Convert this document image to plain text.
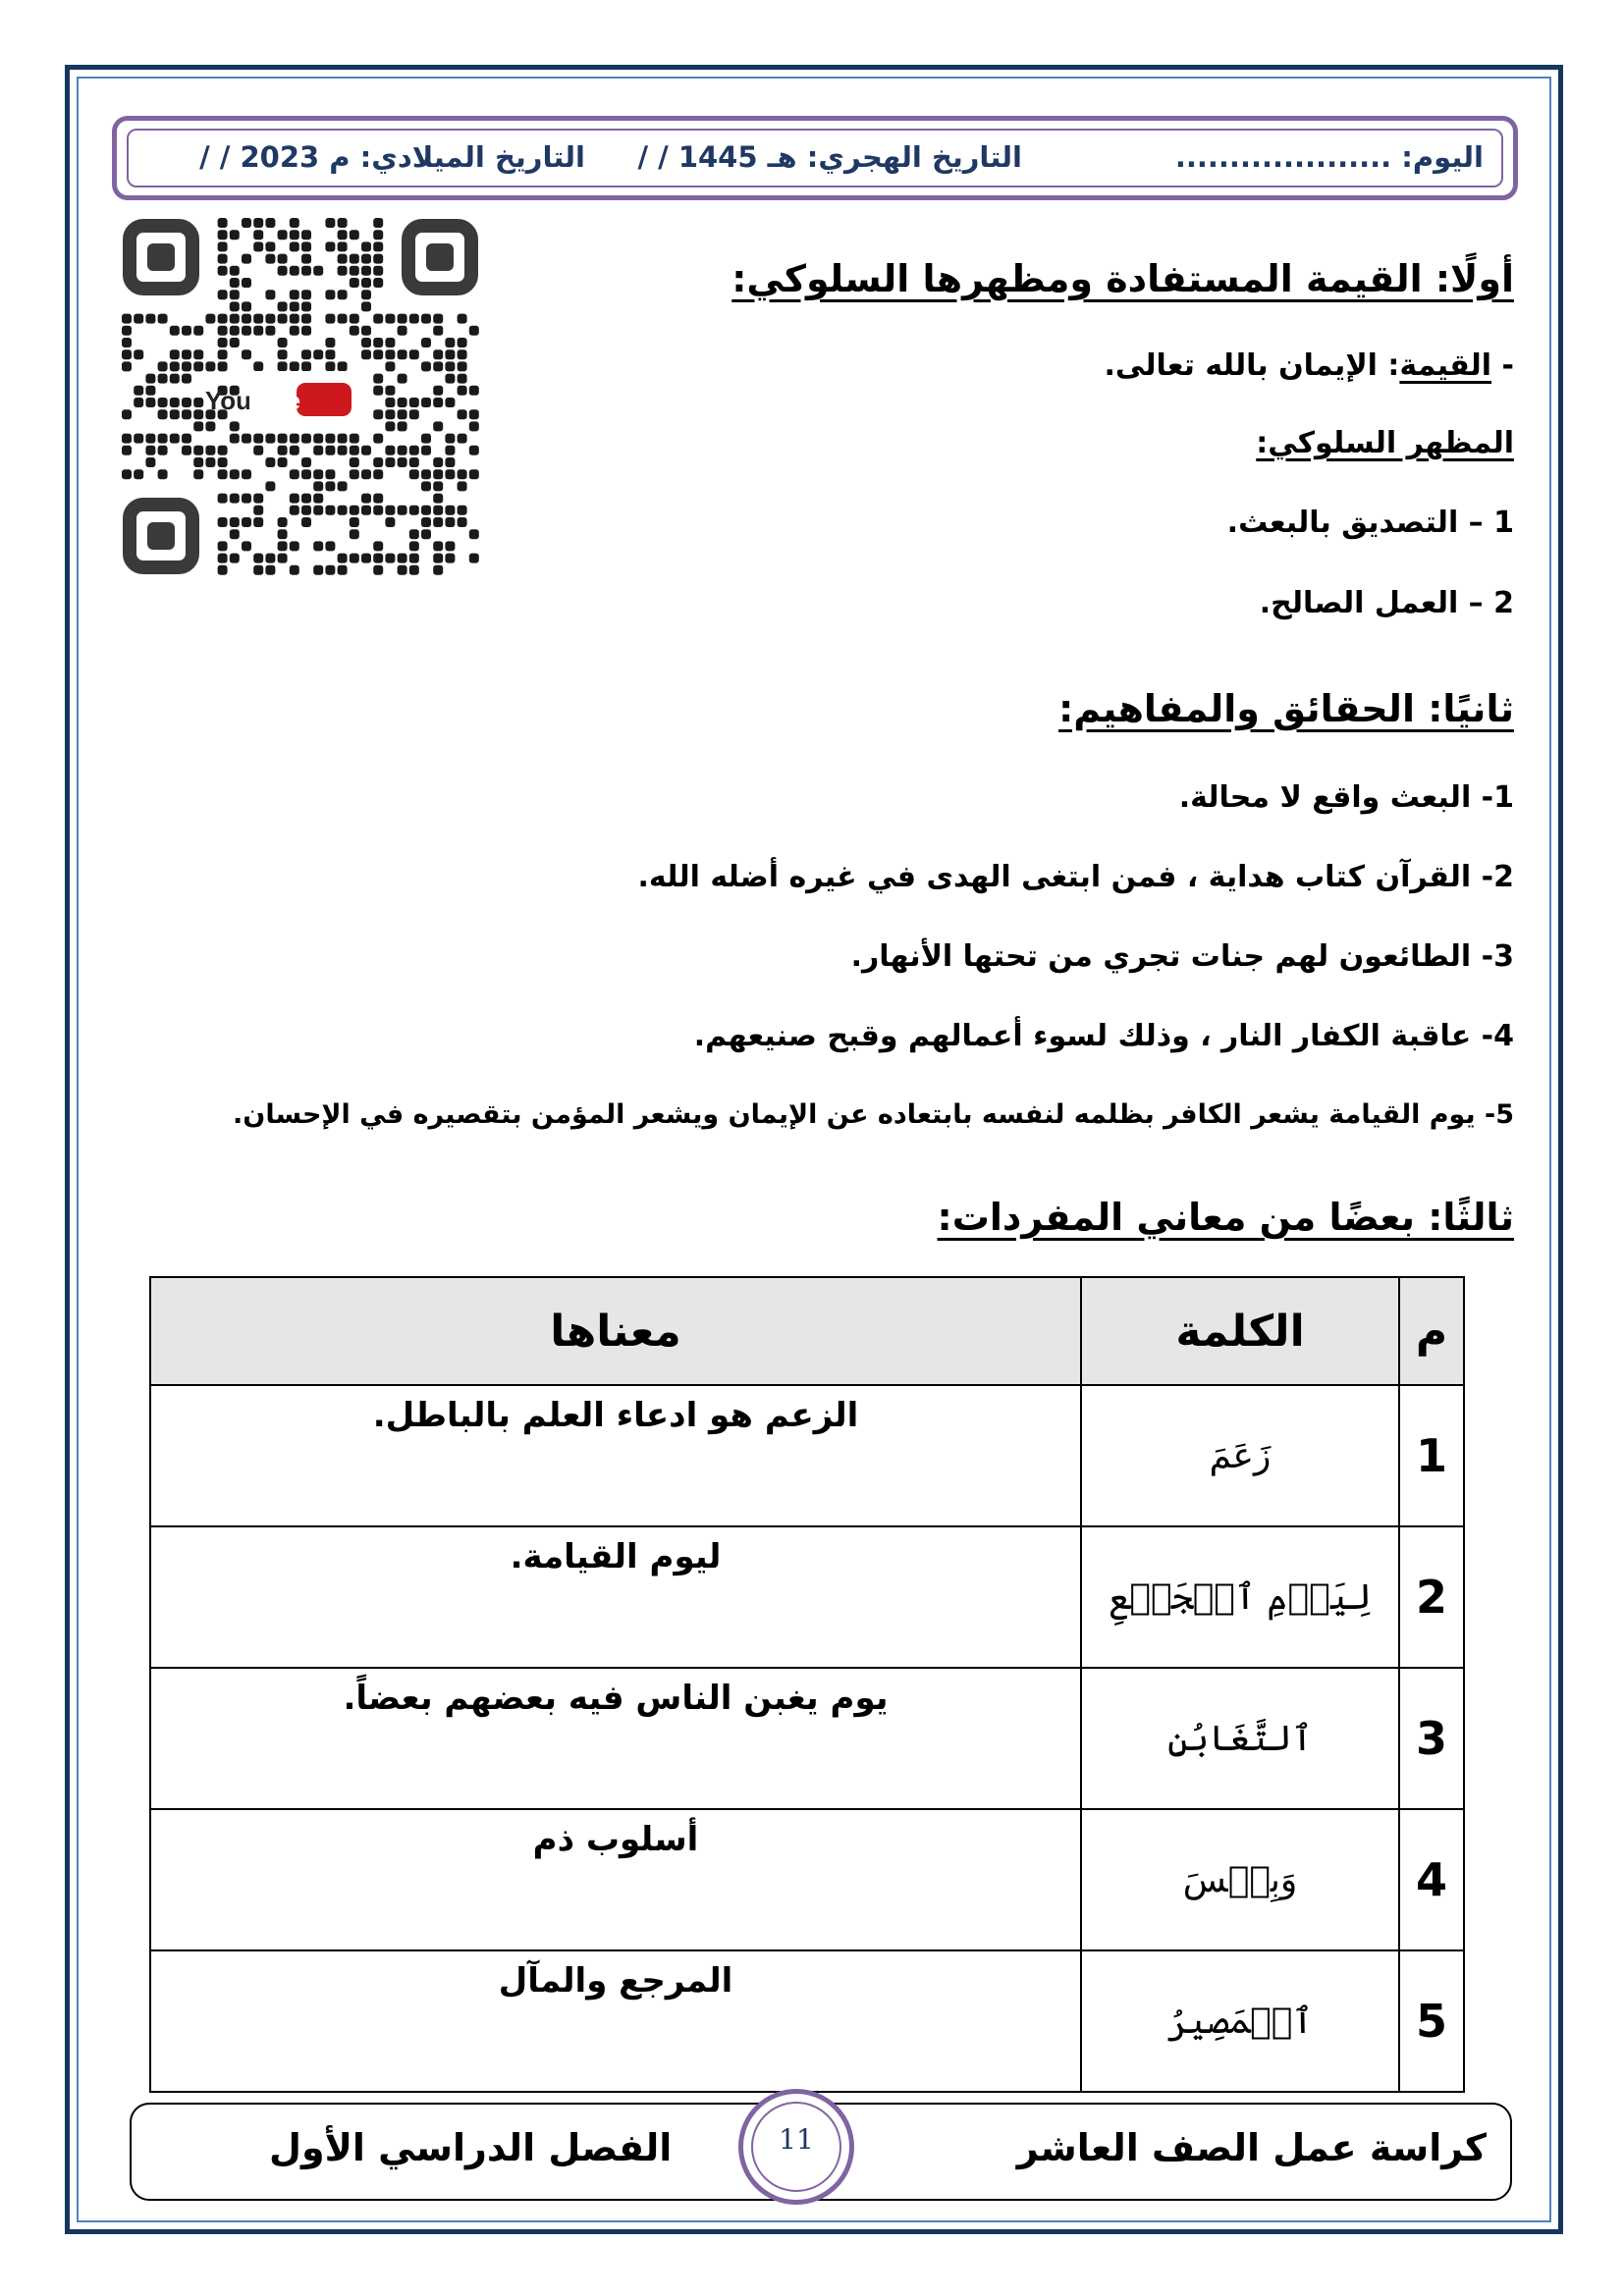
اليوم: ....................
التاريخ الهجري: / / 1445 هـ
التاريخ الميلادي: / / 2023 م
You
Tube
أولًا: القيمة المستفادة ومظهرها السلوكي:
- القيمة: الإيمان بالله تعالى.
المظهر السلوكي:
1 – التصديق بالبعث.
2 – العمل الصالح.
ثانيًا: الحقائق والمفاهيم:
1- البعث واقع لا محالة.
2- القرآن كتاب هداية ، فمن ابتغى الهدى في غيره أضله الله.
3- الطائعون لهم جنات تجري من تحتها الأنهار.
4- عاقبة الكفار النار ، وذلك لسوء أعمالهم وقبح صنيعهم.
5- يوم القيامة يشعر الكافر بظلمه لنفسه بابتعاده عن الإيمان ويشعر المؤمن بتقصيره في الإحسان.
ثالثًا: بعضًا من معاني المفردات:
م	الكلمة	معناها
1	زَعَمَ	الزعم هو ادعاء العلم بالباطل.
2	لِيَوۡمِ ٱلۡجَمۡعِ	ليوم القيامة.
3	ٱلتَّغَابُنِ	يوم يغبن الناس فيه بعضهم بعضاً.
4	وَبِئۡسَ	أسلوب ذم
5	ٱلۡمَصِيرُ	المرجع والمآل
كراسة عمل الصف العاشر
الفصل الدراسي الأول	11
